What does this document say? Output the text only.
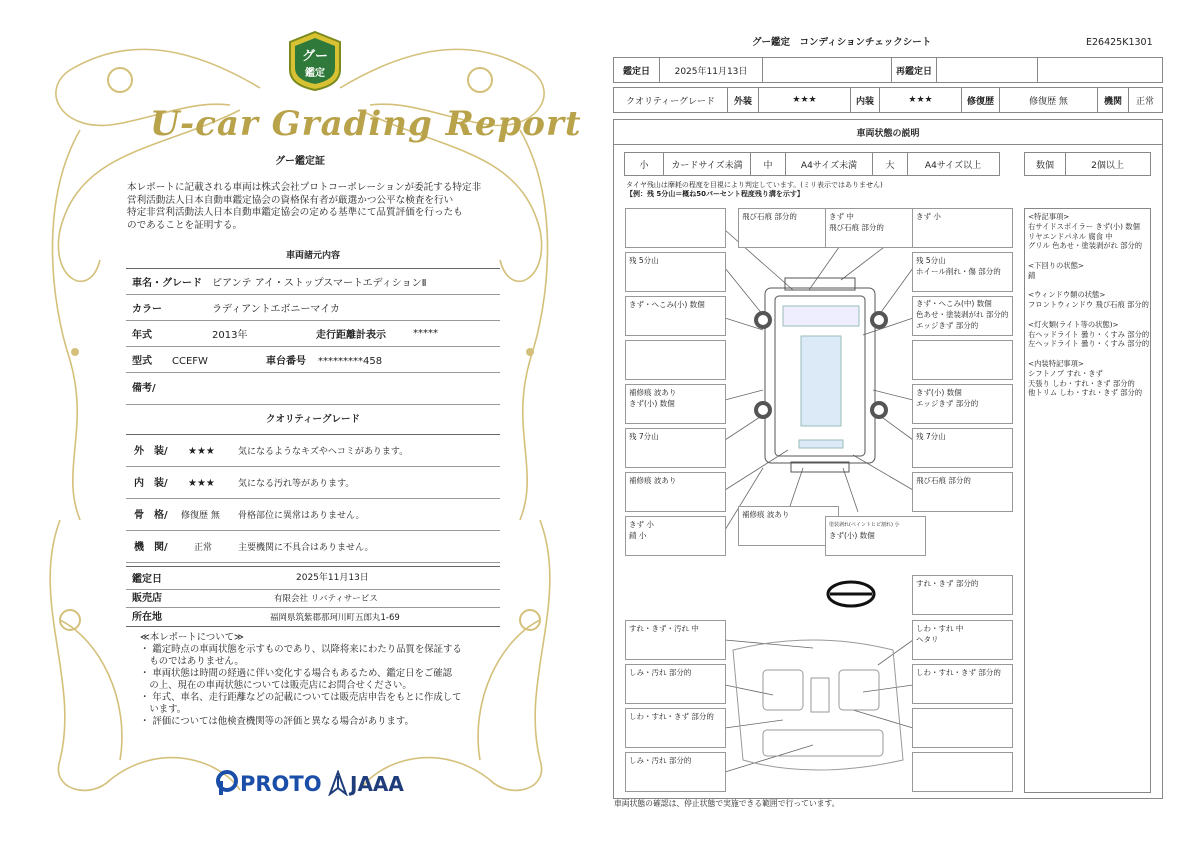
グー
鑑定
U-car Grading Report
グー鑑定証
本レポートに記載される車両は株式会社プロトコーポレーションが委託する特定非
営利活動法人日本自動車鑑定協会の資格保有者が厳選かつ公平な検査を行い
特定非営利活動法人日本自動車鑑定協会の定める基準にて品質評価を行ったも
のであることを証明する。
車両諸元内容
車名・グレード ピアンテ アイ・ストップスマートエディションⅡ
カラー	ラディアントエボニーマイカ
年式	2013年	走行距離計表示	*****
型式 CCEFW	車台番号 *********458
備考/
クオリティーグレード
外　装/ ★★★	気になるようなキズやヘコミがあります。
内　装/ ★★★	気になる汚れ等があります。
骨　格/ 修復歴 無 骨格部位に異常はありません。
機　関/	正常	主要機関に不具合はありません。
鑑定日	2025年11月13日
販売店	有限会社 リバティサービス
所在地	福岡県筑紫郡那珂川町五郎丸1-69
≪本レポートについて≫
・ 鑑定時点の車両状態を示すものであり、以降将来にわたり品質を保証する
　ものではありません。
・ 車両状態は時間の経過に伴い変化する場合もあるため、鑑定日をご確認
　の上、現在の車両状態については販売店にお問合せください。
・ 年式、車名、走行距離などの記載については販売店申告をもとに作成して
　います。
・ 評価については他検査機関等の評価と異なる場合があります。
PROTO JAAA
グー鑑定　コンディションチェックシート	E26425K1301
鑑定日	2025年11月13日	再鑑定日
クオリティーグレード	外装	★★★	内装	★★★	修復歴	修復歴 無	機関	正常
車両状態の説明
小	カードサイズ未満	中	A4サイズ未満	大	A4サイズ以上	数個	2個以上
タイヤ残山は摩耗の程度を目視により判定しています。(ミリ表示ではありません)
【例：残 5分山＝概ね50パーセント程度残り溝を示す】
飛び石痕 部分的	きず 中
飛び石痕 部分的
きず 小
残 5分山	残 5分山
ホイール削れ・傷 部分的
きず・へこみ(小) 数個	きず・へこみ(中) 数個
色あせ・塗装剥がれ 部分的
エッジきず 部分的
補修痕 波あり
きず(小) 数個
きず(小) 数個
エッジきず 部分的
残 7分山	残 7分山
補修痕 波あり	飛び石痕 部分的
きず 小
錆 小
補修痕 波あり
塗装剥れ(ペイントヒビ割れ) 小
きず(小) 数個
すれ・きず 部分的
すれ・きず・汚れ 中	しわ・すれ 中
ヘタリ
しみ・汚れ 部分的	しわ・すれ・きず 部分的
しわ・すれ・きず 部分的
しみ・汚れ 部分的
<特記事項>
右サイドスポイラー きず(小) 数個
リヤエンドパネル 腐食 中
グリル 色あせ・塗装剥がれ 部分的
<下回りの状態>
錆
<ウィンドウ類の状態>
フロントウィンドウ 飛び石痕 部分的
<灯火類(ライト等の状態)>
右ヘッドライト 曇り・くすみ 部分的
左ヘッドライト 曇り・くすみ 部分的
<内装特記事項>
シフトノブ すれ・きず
天張り しわ・すれ・きず 部分的
他トリム しわ・すれ・きず 部分的
車両状態の確認は、停止状態で実施できる範囲で行っています。
